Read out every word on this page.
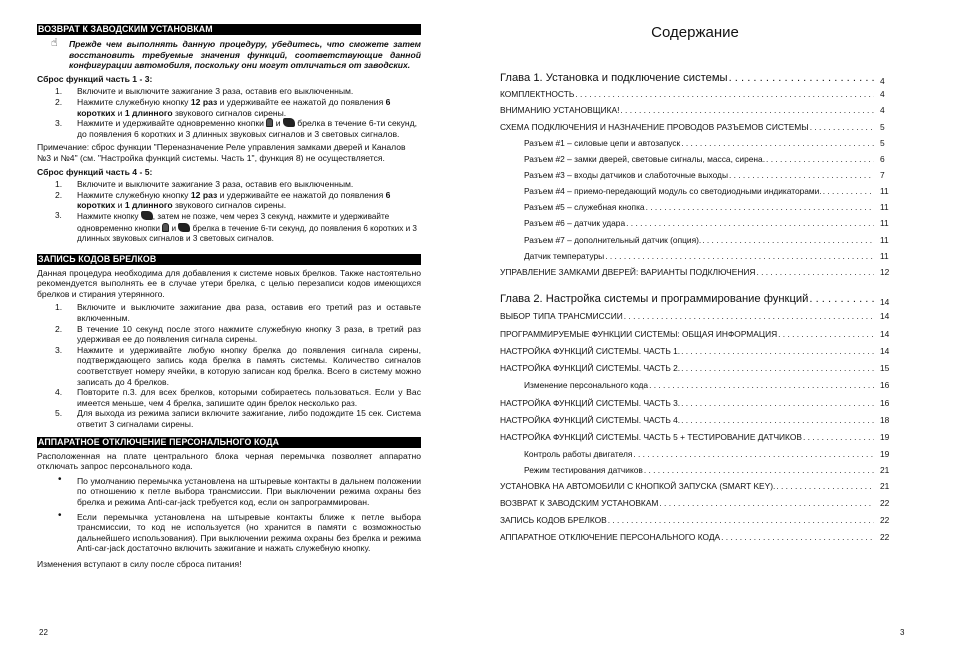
ВОЗВРАТ К ЗАВОДСКИМ УСТАНОВКАМ
☝ Прежде чем выполнять данную процедуру, убедитесь, что сможете затем восстановить требуемые значения функций, соответствующие данной конфигурации автомобиля, поскольку они могут отличаться от заводских.
Сброс функций часть 1 - 3:
1. Включите и выключите зажигание 3 раза, оставив его выключенным.
2. Нажмите служебную кнопку 12 раз и удерживайте ее нажатой до появления 6 коротких и 1 длинного звукового сигналов сирены.
3. Нажмите и удерживайте одновременно кнопки  и  брелка в течение 6-ти секунд, до появления 6 коротких и 3 длинных звуковых сигналов и 3 световых сигналов.
Примечание: сброс функции "Переназначение Реле управления замками дверей и Каналов №3 и №4" (см. "Настройка функций системы. Часть 1", функция 8) не осуществляется.
Сброс функций часть 4 - 5:
1. Включите и выключите зажигание 3 раза, оставив его выключенным.
2. Нажмите служебную кнопку 12 раз и удерживайте ее нажатой до появления 6 коротких и 1 длинного звукового сигналов сирены.
3. Нажмите кнопку , затем не позже, чем через 3 секунд, нажмите и удерживайте одновременно кнопки  и  брелка в течение 6-ти секунд, до появления 6 коротких и 3 длинных звуковых сигналов и 3 световых сигналов.
ЗАПИСЬ КОДОВ БРЕЛКОВ
Данная процедура необходима для добавления к системе новых брелков. Также настоятельно рекомендуется выполнять ее в случае утери брелка, с целью перезаписи кодов имеющихся брелков и стирания утерянного.
1. Включите и выключите зажигание два раза, оставив его третий раз и оставьте включенным.
2. В течение 10 секунд после этого нажмите служебную кнопку 3 раза, в третий раз удерживая ее до появления сигнала сирены.
3. Нажмите и удерживайте любую кнопку брелка до появления сигнала сирены, подтверждающего запись кода брелка в память системы. Количество сигналов соответствует номеру ячейки, в которую записан код брелка. Всего в систему можно записать до 4 брелков.
4. Повторите п.3. для всех брелков, которыми собираетесь пользоваться. Если у Вас имеется меньше, чем 4 брелка, запишите один брелок несколько раз.
5. Для выхода из режима записи включите зажигание, либо подождите 15 сек. Система ответит 3 сигналами сирены.
АППАРАТНОЕ ОТКЛЮЧЕНИЕ ПЕРСОНАЛЬНОГО КОДА
Расположенная на плате центрального блока черная перемычка позволяет аппаратно отключать запрос персонального кода.
• По умолчанию перемычка установлена на штыревые контакты в дальнем положении по отношению к петле выбора трансмиссии. При выключении режима охраны без брелка и режима Anti-car-jack требуется код, если он запрограммирован.
• Если перемычка установлена на штыревые контакты ближе к петле выбора трансмиссии, то код не используется (но хранится в памяти с возможностью дальнейшего использования). При выключении режима охраны без брелка и режима Anti-car-jack достаточно включить зажигание и нажать служебную кнопку.
Изменения вступают в силу после сброса питания!
22
Содержание
Глава 1. Установка и подключение системы . . .	4
КОМПЛЕКТНОСТЬ . . .	4
ВНИМАНИЮ УСТАНОВЩИКА! . . .	4
СХЕМА ПОДКЛЮЧЕНИЯ И НАЗНАЧЕНИЕ ПРОВОДОВ РАЗЪЕМОВ СИСТЕМЫ . . .	5
Разъем #1 – силовые цепи и автозапуск . . .	5
Разъем #2 – замки дверей, световые сигналы, масса, сирена. . . .	6
Разъем #3 – входы датчиков и слаботочные выходы . . .	7
Разъем #4 – приемо-передающий модуль со светодиодными индикаторами. . . .	11
Разъем #5 – служебная кнопка . . .	11
Разъем #6 – датчик удара . . .	11
Разъем #7 – дополнительный датчик (опция). . . .	11
Датчик температуры . . .	11
УПРАВЛЕНИЕ ЗАМКАМИ ДВЕРЕЙ: ВАРИАНТЫ ПОДКЛЮЧЕНИЯ . . .	12
Глава 2. Настройка системы и программирование функций . . .	14
ВЫБОР ТИПА ТРАНСМИССИИ . . .	14
ПРОГРАММИРУЕМЫЕ ФУНКЦИИ СИСТЕМЫ: ОБЩАЯ ИНФОРМАЦИЯ . . .	14
НАСТРОЙКА ФУНКЦИЙ СИСТЕМЫ. ЧАСТЬ 1. . . .	14
НАСТРОЙКА ФУНКЦИЙ СИСТЕМЫ. ЧАСТЬ 2. . . .	15
Изменение персонального кода . . .	16
НАСТРОЙКА ФУНКЦИЙ СИСТЕМЫ. ЧАСТЬ 3. . . .	16
НАСТРОЙКА ФУНКЦИЙ СИСТЕМЫ. ЧАСТЬ 4. . . .	18
НАСТРОЙКА ФУНКЦИЙ СИСТЕМЫ. ЧАСТЬ 5 + ТЕСТИРОВАНИЕ ДАТЧИКОВ . . .	19
Контроль работы двигателя . . .	19
Режим тестирования датчиков . . .	21
УСТАНОВКА НА АВТОМОБИЛИ С КНОПКОЙ ЗАПУСКА (SMART KEY). . . .	21
ВОЗВРАТ К ЗАВОДСКИМ УСТАНОВКАМ . . .	22
ЗАПИСЬ КОДОВ БРЕЛКОВ . . .	22
АППАРАТНОЕ ОТКЛЮЧЕНИЕ ПЕРСОНАЛЬНОГО КОДА . . .	22
3
